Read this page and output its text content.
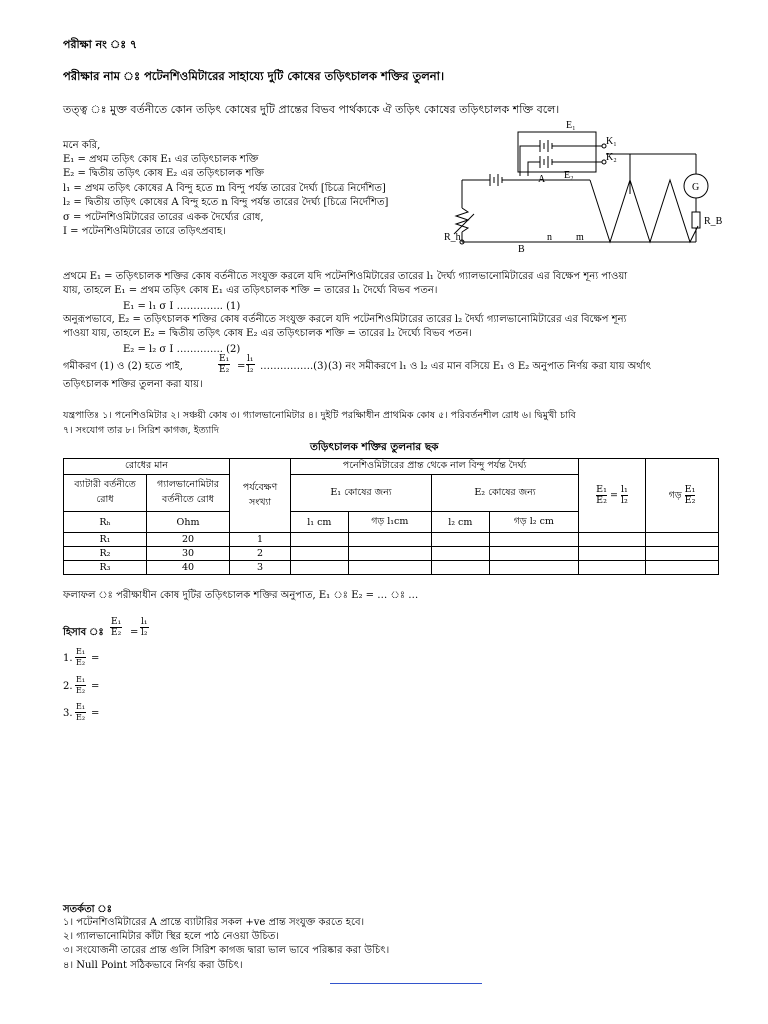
পরীক্ষা নং ঃ ৭
পরীক্ষার নাম ঃ পটেনশিওমিটারের সাহায্যে দুটি কোষের তড়িৎচালক শক্তির তুলনা।
তত্ত্ব ঃ মুক্ত বর্তনীতে কোন তড়িৎ কোষের দুটি প্রান্তের বিভব পার্থক্যকে ঐ তড়িৎ কোষের তড়িৎচালক শক্তি বলে।
মনে করি,
E₁ = প্রথম তড়িৎ কোষ E₁ এর তড়িৎচালক শক্তি
E₂ = দ্বিতীয় তড়িৎ কোষ E₂ এর তড়িৎচালক শক্তি
l₁ = প্রথম তড়িৎ কোষের A বিন্দু হতে m বিন্দু পর্যন্ত তারের দৈর্ঘ্য [চিত্রে নির্দেশিত]
l₂ = দ্বিতীয় তড়িৎ কোষের A বিন্দু হতে n বিন্দু পর্যন্ত তারের দৈর্ঘ্য [চিত্রে নির্দেশিত]
σ = পটেনশিওমিটারের তারের একক দৈর্ঘ্যের রোধ,
I = পটেনশিওমিটারের তারে তড়িৎপ্রবাহ।
E₁
K₁
K₂
E₂
A
G
R_B
R_h
B
n m
প্রথমে E₁ = তড়িৎচালক শক্তির কোষ বর্তনীতে সংযুক্ত করলে যদি পটেনশিওমিটারের তারের l₁ দৈর্ঘ্য গ্যালভানোমিটারের এর বিক্ষেপ শূন্য পাওয়া
যায়, তাহলে E₁ = প্রথম তড়িৎ কোষ E₁ এর তড়িৎচালক শক্তি = তারের l₁ দৈর্ঘ্যে বিভব পতন।
E₁ = l₁ σ I ………….. (1)
অনুরূপভাবে, E₂ = তড়িৎচালক শক্তির কোষ বর্তনীতে সংযুক্ত করলে যদি পটেনশিওমিটারের তারের l₂ দৈর্ঘ্য গ্যালভানোমিটারের এর বিক্ষেপ শূন্য
পাওয়া যায়, তাহলে E₂ = দ্বিতীয় তড়িৎ কোষ E₂ এর তড়িৎচালক শক্তি = তারের l₂ দৈর্ঘ্যে বিভব পতন।
E₂ = l₂ σ I ………….. (2)
গমীকরণ (1) ও (2) হতে পাই,	$\frac{\text{E₁}}{\text{E₂}} = \frac{\text{l₁}}{\text{l₂}}$ …………….(3) (3) নং সমীকরণে l₁ ও l₂ এর মান বসিয়ে E₁ ও E₂ অনুপাত নির্ণয় করা যায় অর্থাৎ
তড়িৎচালক শক্তির তুলনা করা যায়।
যন্ত্রপাতিঃ ১। পনেশিওমিটার ২। সঞ্চয়ী কোষ ৩। গ্যালভানোমিটার ৪। দুইটি পরক্ষিাধীন প্রাথমিক কোষ ৫। পরিবর্তনশীল রোধ ৬। দ্বিমুখী চাবি
৭। সংযোগ তার ৮। সিরিশ কাগজ, ইত্যাদি
তড়িৎচালক শক্তির তুলনার ছক
রোধের মান		পর্যবেক্ষণ সংখ্যা	পনেশিওমিটারের প্রান্ত থেকে নাল বিন্দু পর্যন্ত দৈর্ঘ্য				$\frac{\text{E₁}}{\text{E₂}} = \frac{\text{l₁}}{\text{l₂}}$	গড় $\frac{\text{E₁}}{\text{E₂}}$

ব্যাটারী বর্তনীতে রোধ	গ্যালভানোমিটার বর্তনীতে রোধ		E₁ কোষের জন্য		E₂ কোষের জন্য			
Rₕ	Ohm		l₁ cm	গড় l₁cm	l₂ cm	গড় l₂ cm		
R₁	20	1						
R₂	30	2						
R₃	40	3						
ফলাফল ঃ পরীক্ষাধীন কোষ দুটির তড়িৎচালক শক্তির অনুপাত, E₁ ঃ E₂ = … ঃ …
হিসাব ঃ $\frac{\text{E₁}}{\text{E₂}} = \frac{\text{l₁}}{\text{l₂}}$
1. $\frac{\text{E₁}}{\text{E₂}}$ =
2. $\frac{\text{E₁}}{\text{E₂}}$ =
3. $\frac{\text{E₁}}{\text{E₂}}$ =
সতর্কতা ঃ
১। পটেনশিওমিটারের A প্রান্তে ব্যাটারির সকল +ve প্রান্ত সংযুক্ত করতে হবে।
২। গ্যালভানোমিটার কাঁটা স্থির হলে পাঠ নেওয়া উচিত।
৩। সংযোজনী তারের প্রান্ত গুলি সিরিশ কাগজ দ্বারা ভাল ভাবে পরিষ্কার করা উচিৎ।
৪। Null Point সঠিকভাবে নির্ণয় করা উচিৎ।
